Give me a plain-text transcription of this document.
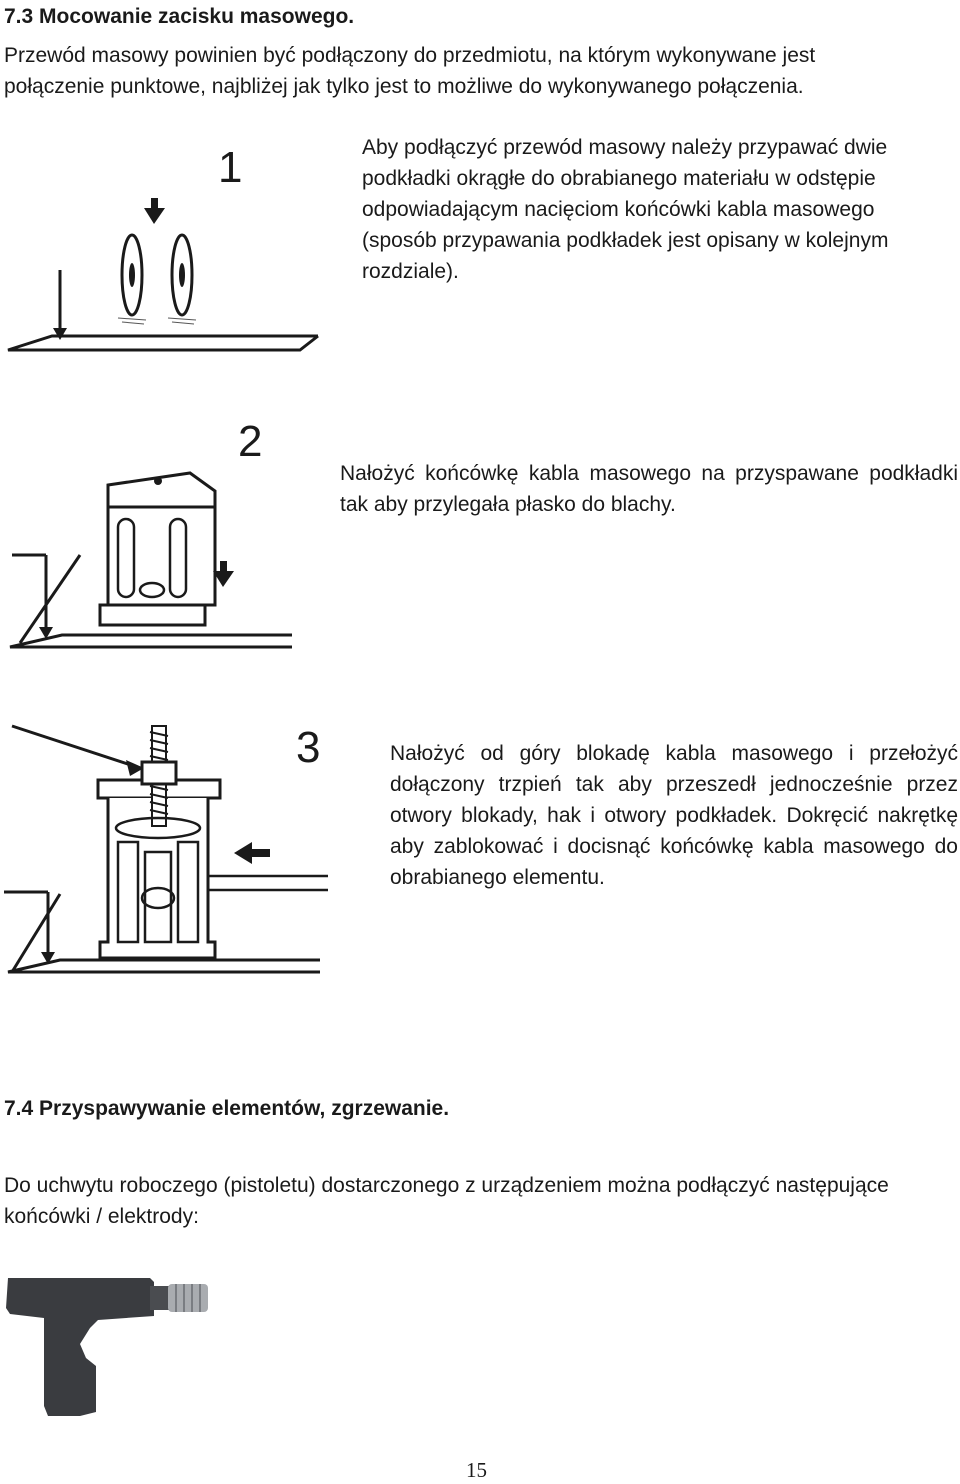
7.3 Mocowanie zacisku masowego.
Przewód masowy powinien być podłączony do przedmiotu, na którym wykonywane jest połączenie punktowe, najbliżej jak tylko jest to możliwe do wykonywanego połączenia.
1	Aby podłączyć przewód masowy należy przypawać dwie podkładki okrągłe do obrabianego materiału w odstępie odpowiadającym nacięciom końcówki kabla masowego (sposób przypawania podkładek jest opisany w kolejnym rozdziale).
2
Nałożyć końcówkę kabla masowego na przyspawane podkładki tak aby przylegała płasko do blachy.
3	Nałożyć od góry blokadę kabla masowego i przełożyć dołączony trzpień tak aby przeszedł jednocześnie przez otwory blokady, hak i otwory podkładek. Dokręcić nakrętkę aby zablokować i docisnąć końcówkę kabla masowego do obrabianego elementu.
7.4 Przyspawywanie elementów, zgrzewanie.
Do uchwytu roboczego (pistoletu) dostarczonego z urządzeniem można podłączyć następujące końcówki / elektrody:
15
